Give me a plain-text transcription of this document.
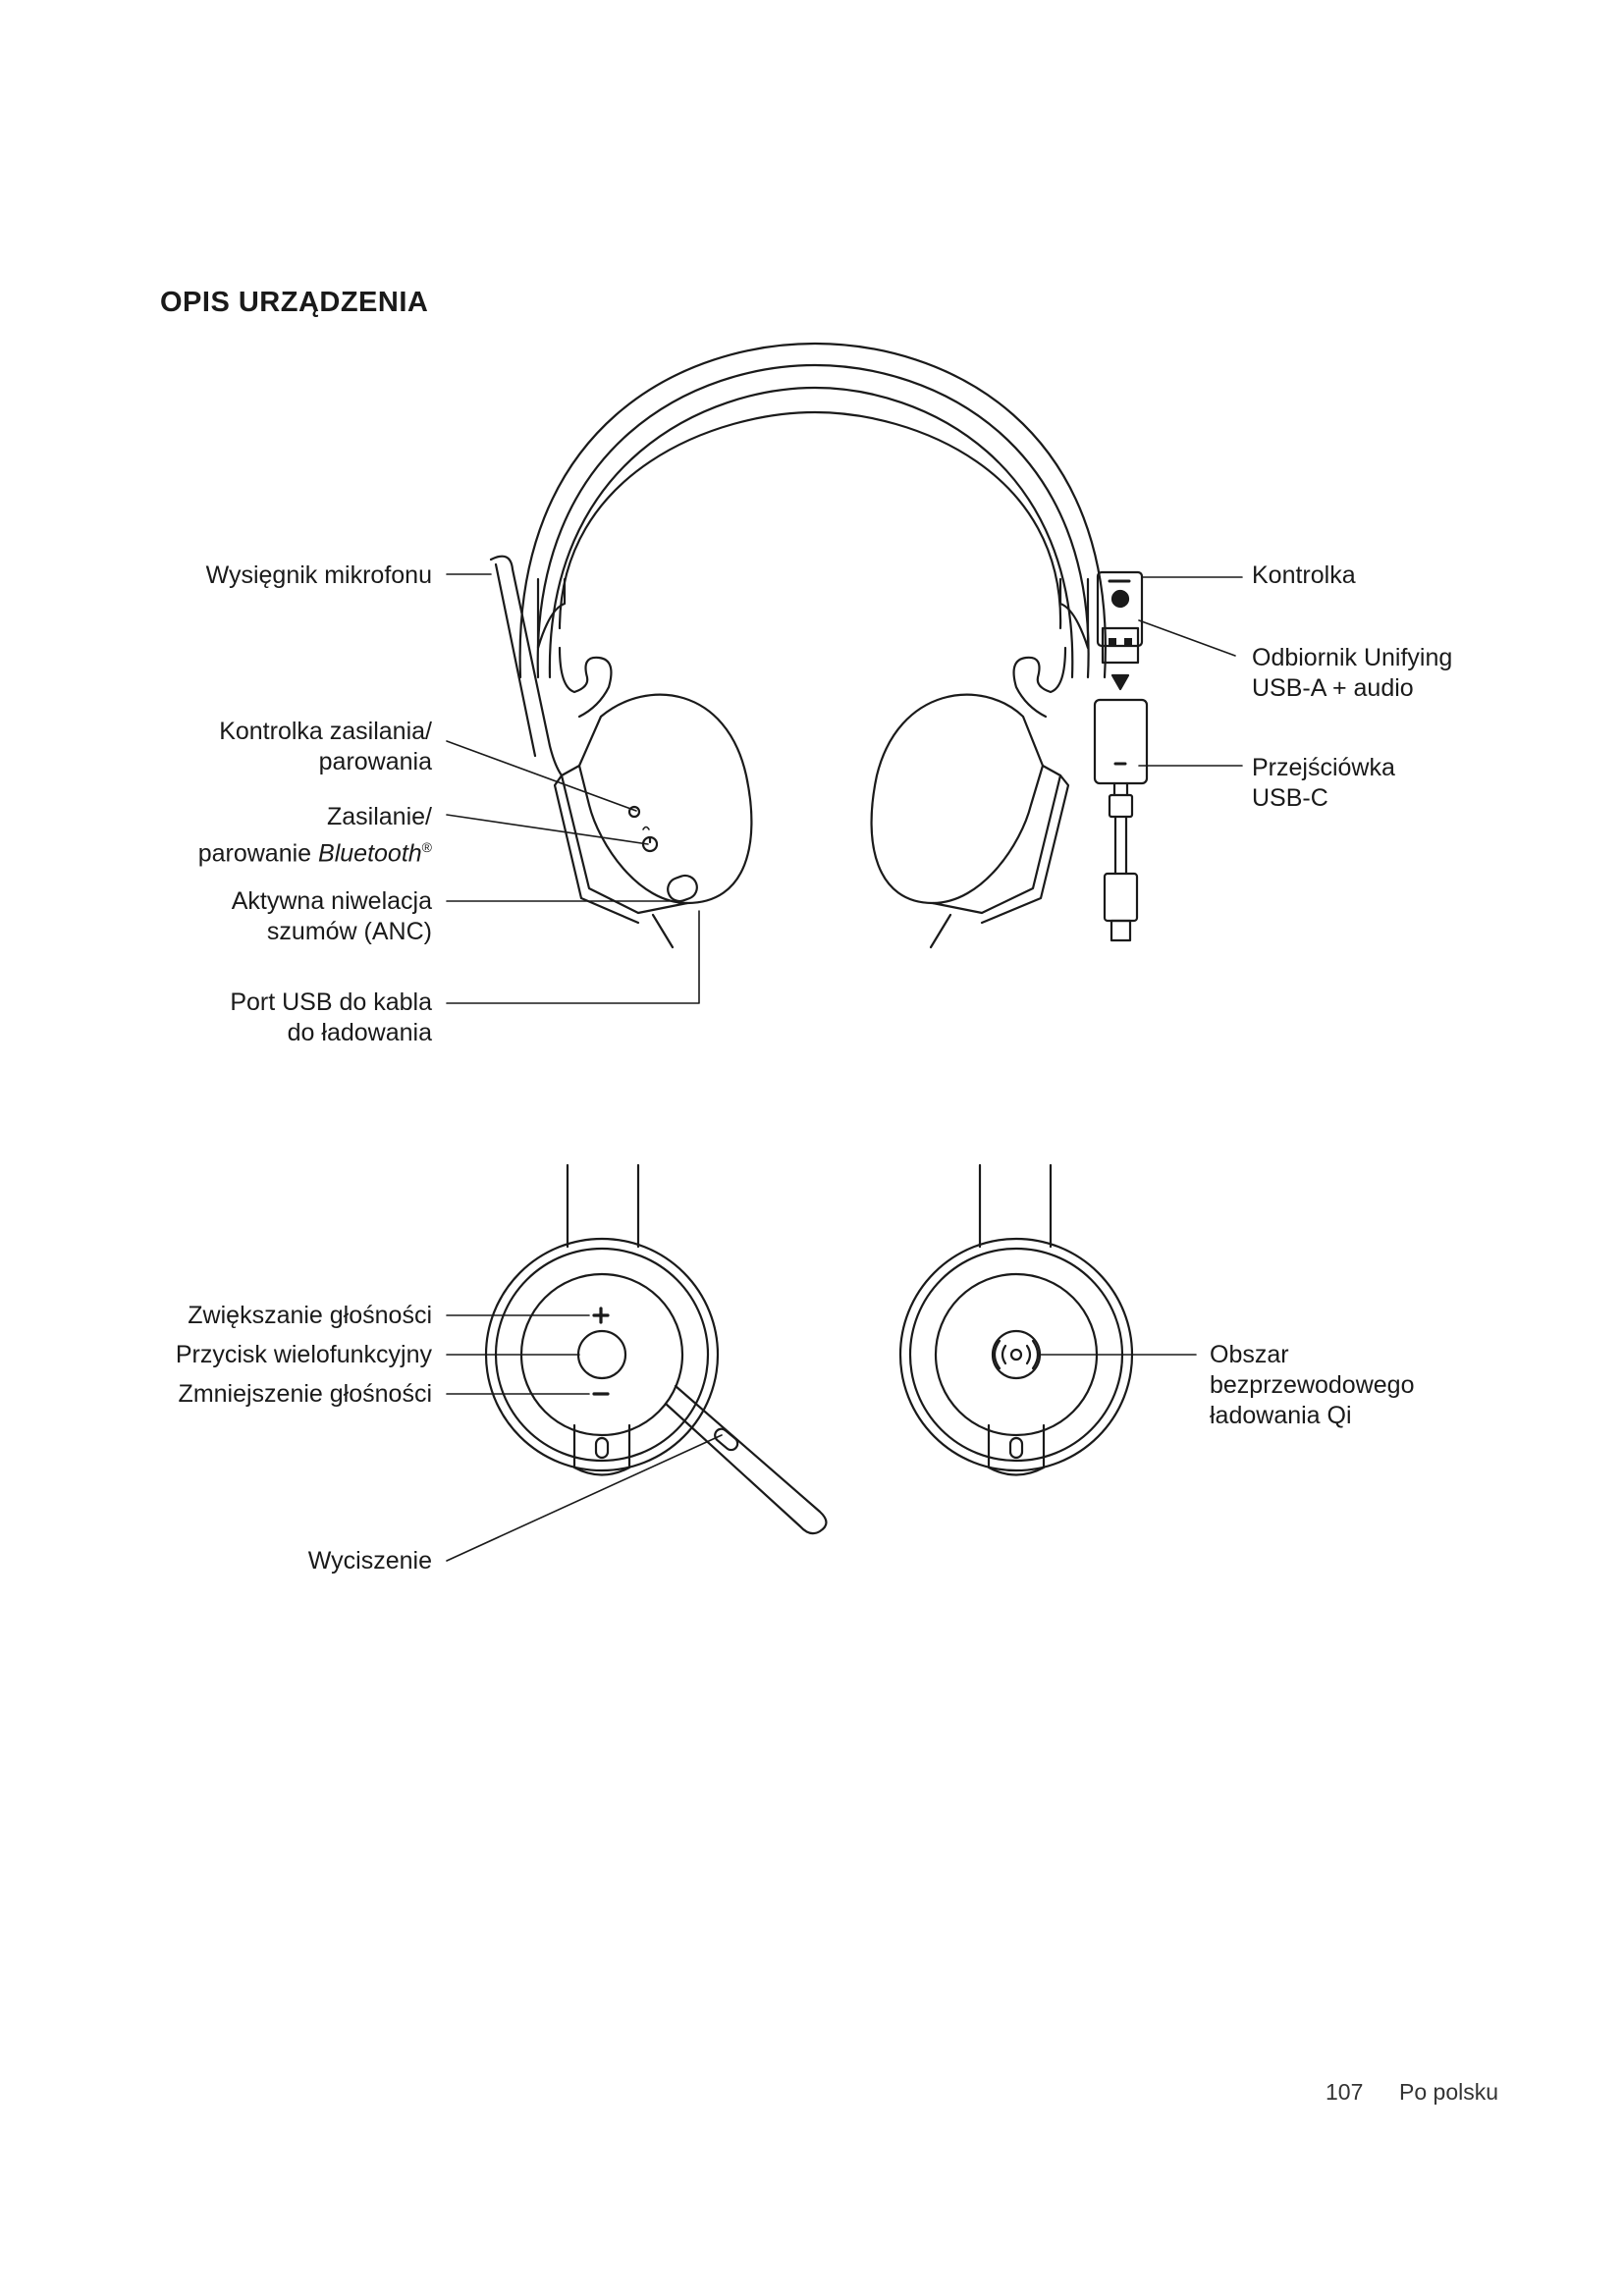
OPIS URZĄDZENIA
Wysięgnik mikrofonu
Kontrolka zasilania/
parowania
Zasilanie/
parowanie Bluetooth®
Aktywna niwelacja
szumów (ANC)
Port USB do kabla
do ładowania
Kontrolka
Odbiornik Unifying
USB-A + audio
Przejściówka
USB-C
Zwiększanie głośności
Przycisk wielofunkcyjny
Zmniejszenie głośności
Wyciszenie
Obszar
bezprzewodowego
ładowania Qi
107 Po polsku
